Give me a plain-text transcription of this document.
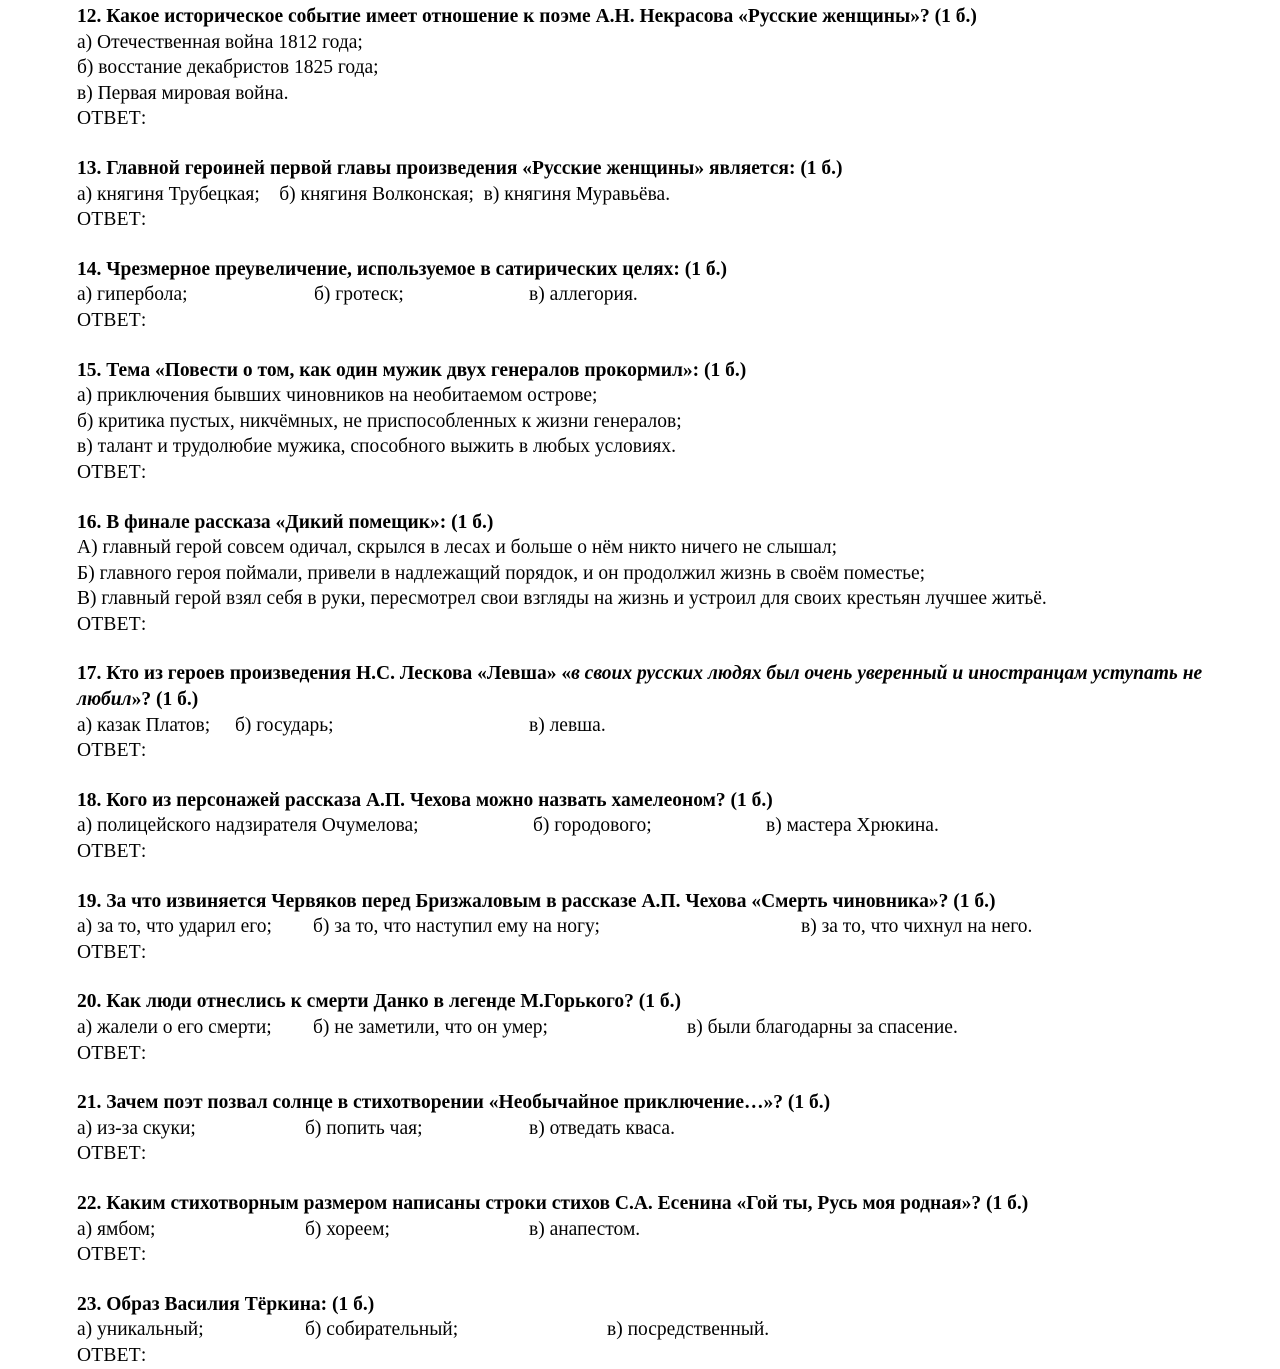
12. Какое историческое событие имеет отношение к поэме А.Н. Некрасова «Русские женщины»? (1 б.)

а) Отечественная война 1812 года;

б) восстание декабристов 1825 года;

в) Первая мировая война.

ОТВЕТ:

13. Главной героиней первой главы произведения «Русские женщины» является: (1 б.)

а) княгиня Трубецкая;    б) княгиня Волконская;  в) княгиня Муравьёва.

ОТВЕТ:

14. Чрезмерное преувеличение, используемое в сатирических целях: (1 б.)

а) гипербола;	б) гротеск;	в) аллегория.

ОТВЕТ:

15. Тема «Повести о том, как один мужик двух генералов прокормил»: (1 б.)

а) приключения бывших чиновников на необитаемом острове;

б) критика пустых, никчёмных, не приспособленных к жизни генералов;

в) талант и трудолюбие мужика, способного выжить в любых условиях.

ОТВЕТ:

16. В финале рассказа «Дикий помещик»: (1 б.)

А) главный герой совсем одичал, скрылся в лесах и больше о нём никто ничего не слышал;

Б) главного героя поймали, привели в надлежащий порядок, и он продолжил жизнь в своём поместье;

В) главный герой взял себя в руки, пересмотрел свои взгляды на жизнь и устроил для своих крестьян лучшее житьё.

ОТВЕТ:

17. Кто из героев произведения Н.С. Лескова «Левша» «в своих русских людях был очень уверенный и иностранцам уступать не любил»? (1 б.)

а) казак Платов; б) государь;	в) левша.

ОТВЕТ:

18. Кого из персонажей рассказа А.П. Чехова можно назвать хамелеоном? (1 б.)

а) полицейского надзирателя Очумелова;	б) городового;	в) мастера Хрюкина.

ОТВЕТ:

19. За что извиняется Червяков перед Бризжаловым в рассказе А.П. Чехова «Смерть чиновника»? (1 б.)

а) за то, что ударил его; б) за то, что наступил ему на ногу;	в) за то, что чихнул на него.

ОТВЕТ:

20. Как люди отнеслись к смерти Данко в легенде М.Горького? (1 б.)

а) жалели о его смерти; б) не заметили, что он умер;	в) были благодарны за спасение.

ОТВЕТ:

21. Зачем поэт позвал солнце в стихотворении «Необычайное приключение…»? (1 б.)

а) из-за скуки;	б) попить чая;	в) отведать кваса.

ОТВЕТ:

22. Каким стихотворным размером написаны строки стихов С.А. Есенина «Гой ты, Русь моя родная»? (1 б.)

а) ямбом;	б) хореем;	в) анапестом.

ОТВЕТ:

23. Образ Василия Тёркина: (1 б.)

а) уникальный;	б) собирательный;	в) посредственный.

ОТВЕТ:
